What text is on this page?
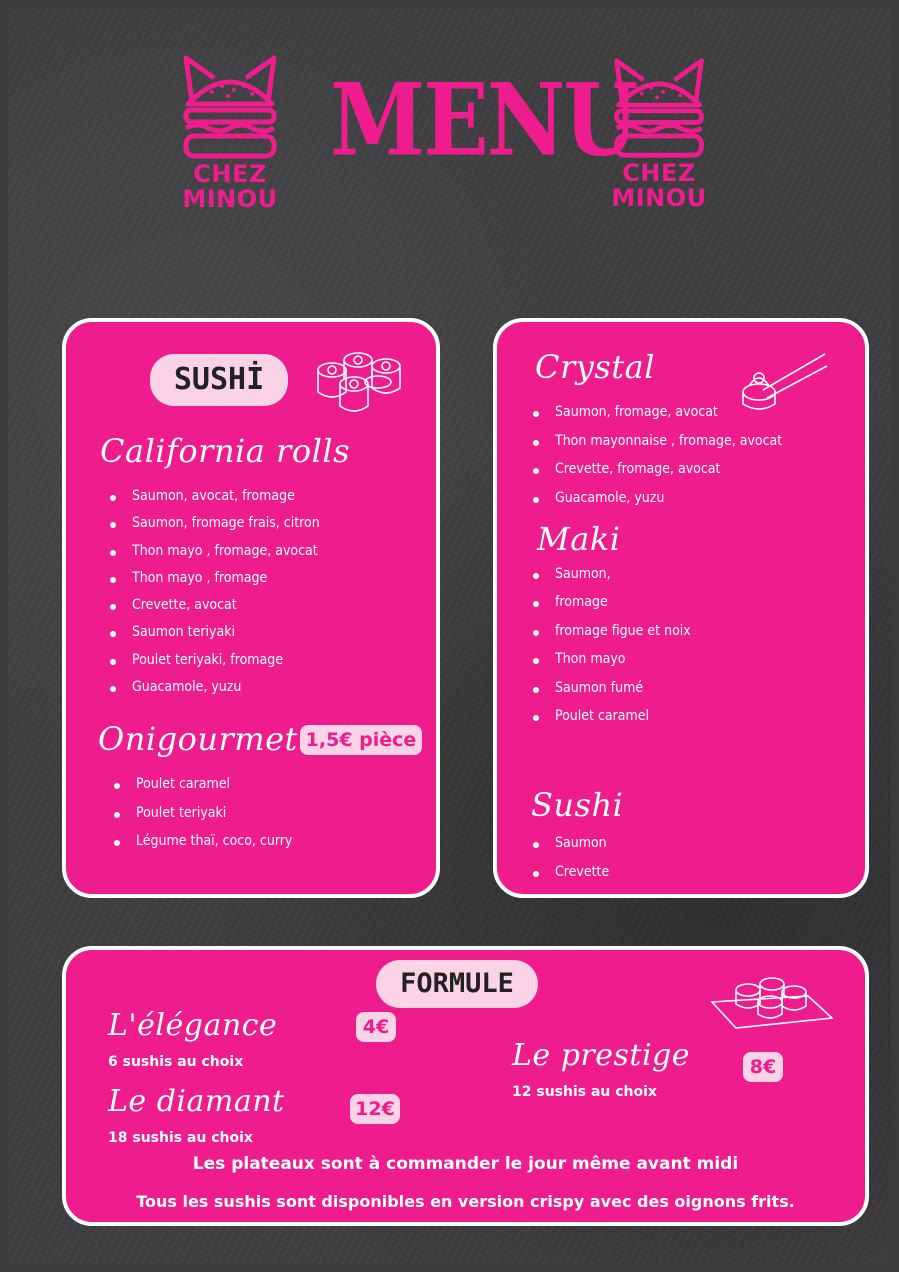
CHEZ
MINOU
MENU
CHEZ
MINOU
SUSHİ
California rolls
Saumon, avocat, fromage
Saumon, fromage frais, citron
Thon mayo , fromage, avocat
Thon mayo , fromage
Crevette, avocat
Saumon teriyaki
Poulet teriyaki, fromage
Guacamole, yuzu
Onigourmet 1,5€ pièce
Poulet caramel
Poulet teriyaki
Légume thaï, coco, curry
Crystal
Saumon, fromage, avocat
Thon mayonnaise , fromage, avocat
Crevette, fromage, avocat
Guacamole, yuzu
Maki
Saumon,
fromage
fromage figue et noix
Thon mayo
Saumon fumé
Poulet caramel
Sushi
Saumon
Crevette
FORMULE
L'élégance	4€
6 sushis au choix	Le prestige	8€
12 sushis au choix
Le diamant	12€
18 sushis au choix
Les plateaux sont à commander le jour même avant midi
Tous les sushis sont disponibles en version crispy avec des oignons frits.
